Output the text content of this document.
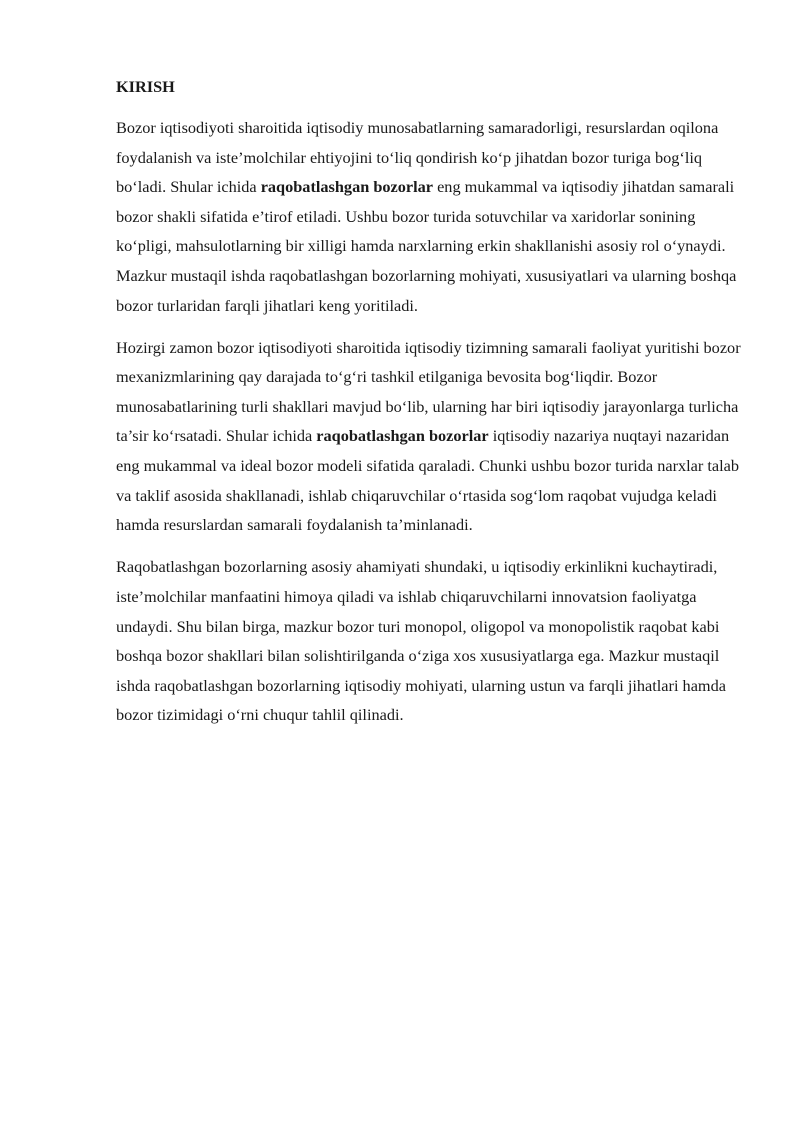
KIRISH

Bozor iqtisodiyoti sharoitida iqtisodiy munosabatlarning samaradorligi, resurslardan oqilona foydalanish va iste’molchilar ehtiyojini to‘liq qondirish ko‘p jihatdan bozor turiga bog‘liq bo‘ladi. Shular ichida raqobatlashgan bozorlar eng mukammal va iqtisodiy jihatdan samarali bozor shakli sifatida e’tirof etiladi. Ushbu bozor turida sotuvchilar va xaridorlar sonining ko‘pligi, mahsulotlarning bir xilligi hamda narxlarning erkin shakllanishi asosiy rol o‘ynaydi. Mazkur mustaqil ishda raqobatlashgan bozorlarning mohiyati, xususiyatlari va ularning boshqa bozor turlaridan farqli jihatlari keng yoritiladi.

Hozirgi zamon bozor iqtisodiyoti sharoitida iqtisodiy tizimning samarali faoliyat yuritishi bozor mexanizmlarining qay darajada to‘g‘ri tashkil etilganiga bevosita bog‘liqdir. Bozor munosabatlarining turli shakllari mavjud bo‘lib, ularning har biri iqtisodiy jarayonlarga turlicha ta’sir ko‘rsatadi. Shular ichida raqobatlashgan bozorlar iqtisodiy nazariya nuqtayi nazaridan eng mukammal va ideal bozor modeli sifatida qaraladi. Chunki ushbu bozor turida narxlar talab va taklif asosida shakllanadi, ishlab chiqaruvchilar o‘rtasida sog‘lom raqobat vujudga keladi hamda resurslardan samarali foydalanish ta’minlanadi.

Raqobatlashgan bozorlarning asosiy ahamiyati shundaki, u iqtisodiy erkinlikni kuchaytiradi, iste’molchilar manfaatini himoya qiladi va ishlab chiqaruvchilarni innovatsion faoliyatga undaydi. Shu bilan birga, mazkur bozor turi monopol, oligopol va monopolistik raqobat kabi boshqa bozor shakllari bilan solishtirilganda o‘ziga xos xususiyatlarga ega. Mazkur mustaqil ishda raqobatlashgan bozorlarning iqtisodiy mohiyati, ularning ustun va farqli jihatlari hamda bozor tizimidagi o‘rni chuqur tahlil qilinadi.
